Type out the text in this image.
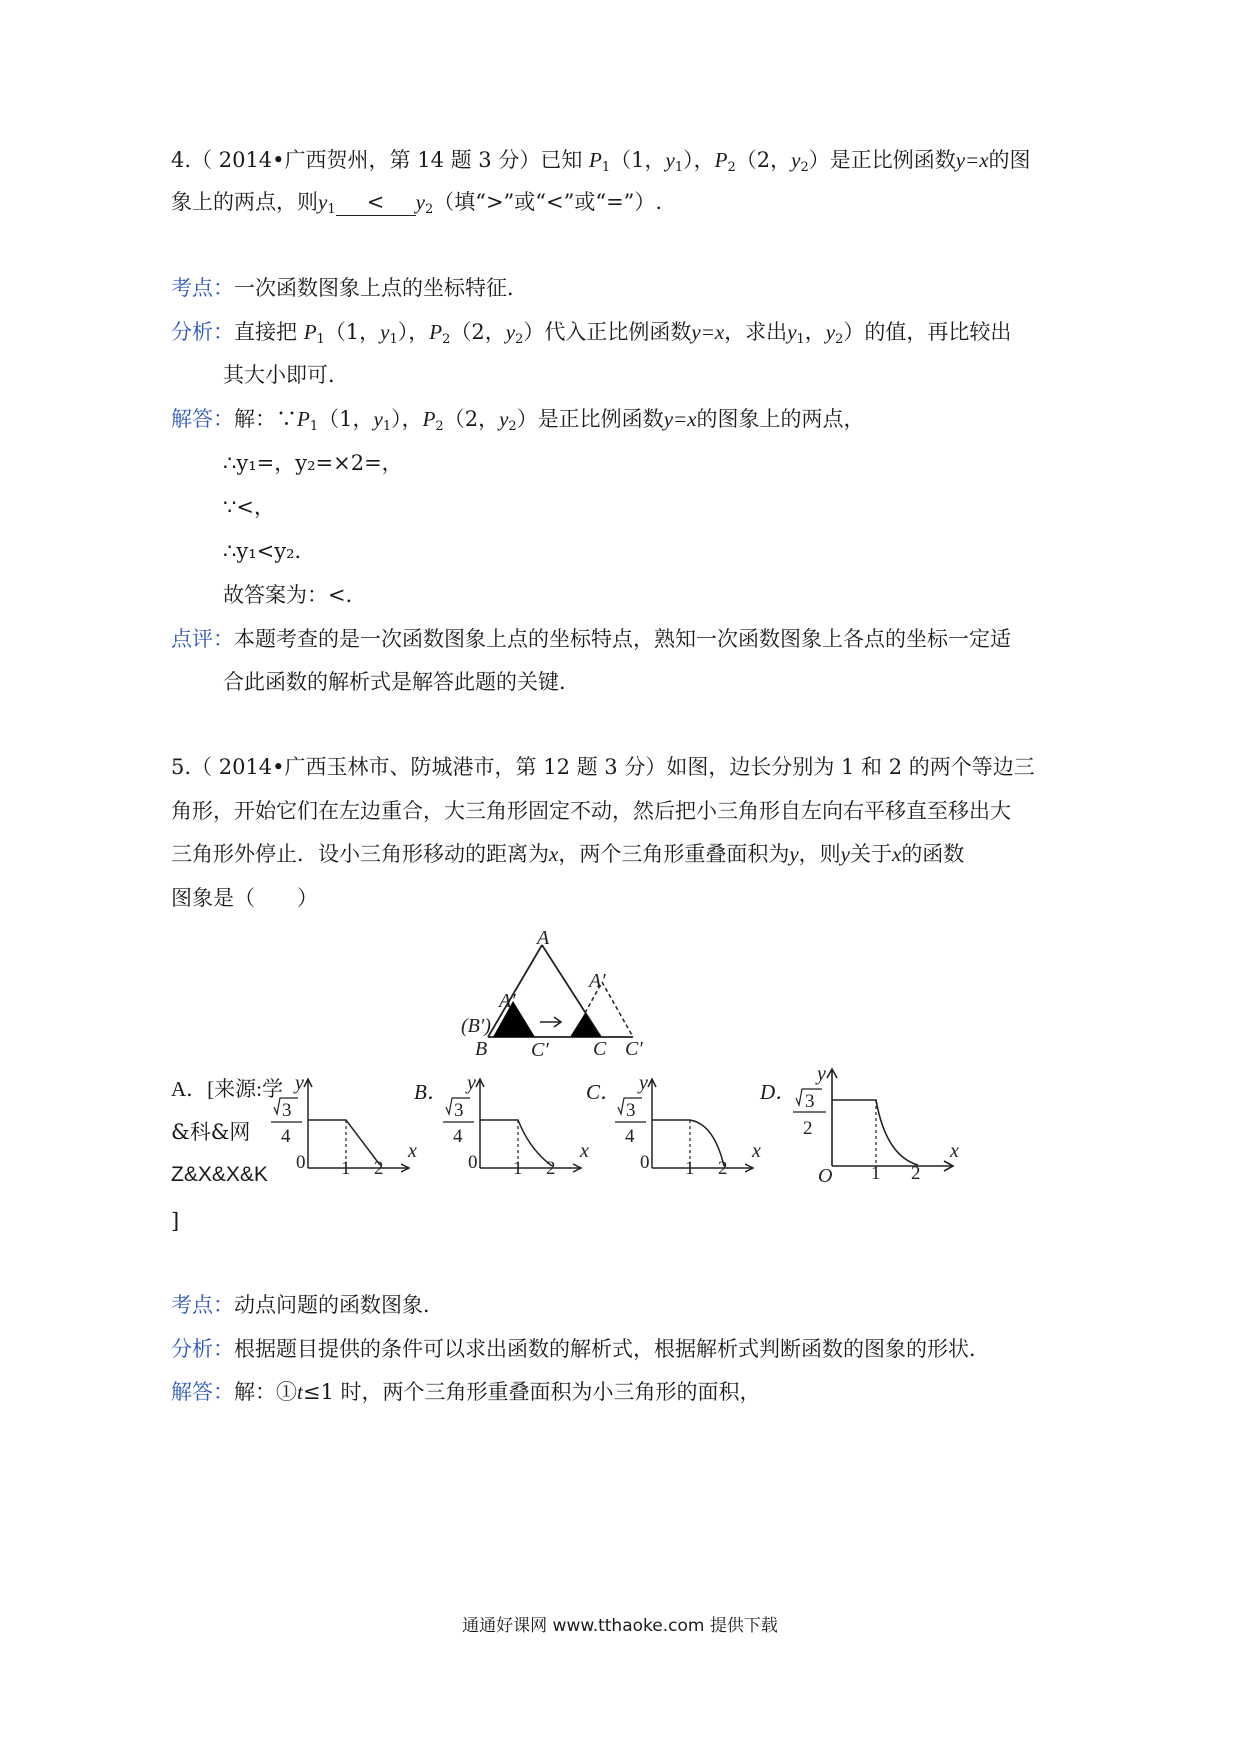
4.（ 2014•广西贺州，第 14 题 3 分）已知 $P_1(1$，$y_1$），$P_2(2$，$y_2$）是正比例函数y=x的图
象上的两点，则$y_1 < y_2$（填“>”或“<”或“=”）.
考点：一次函数图象上点的坐标特征．
分析：直接把 $P_1(1$，$y_1$），$P_2(2$，$y_2$）代入正比例函数y=x，求出$y_1$，$y_2$）的值，再比较出
其大小即可．
解答：解：$\because P_1(1$，$y_1$），$P_2(2$，$y_2$）是正比例函数y=x的图象上的两点，
∴y₁=，y₂=×2=，
∵<，
∴y₁<y₂．
故答案为：<．
点评：本题考查的是一次函数图象上点的坐标特点，熟知一次函数图象上各点的坐标一定适
合此函数的解析式是解答此题的关键．
5.（ 2014•广西玉林市、防城港市，第 12 题 3 分）如图，边长分别为 1 和 2 的两个等边三
角形，开始它们在左边重合，大三角形固定不动，然后把小三角形自左向右平移直至移出大
三角形外停止．设小三角形移动的距离为x，两个三角形重叠面积为y，则y关于x的函数
图象是（　　）
A
A′
A′
(B′)
B C′ C C′
A．[来源:学
&科&网
Z&X&X&K
]
B．	C．	D．
3
4
y
x
0 1 2
3
4
y
x
0 1 2
3
4
y
x
0 1 2
3
2
y
x
O 1 2
考点：动点问题的函数图象．
分析：根据题目提供的条件可以求出函数的解析式，根据解析式判断函数的图象的形状．
解答：解：①t≤1 时，两个三角形重叠面积为小三角形的面积，
通通好课网 www.tthaoke.com 提供下载
